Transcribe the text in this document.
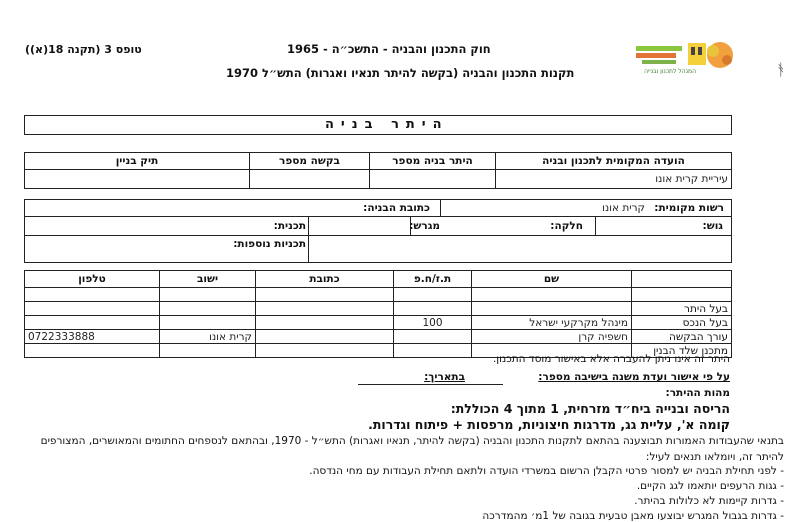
המנהל לתכנון ובנייה
חוק התכנון והבניה - התשכ״ה - 1965
תקנות התכנון והבניה (בקשה להיתר תנאיו ואגרות) התש״ל 1970
טופס 3 (תקנה 18(א))
ᚬ
היתר בניה
הועדה המקומית לתכנון ובניה	היתר בניה מספר	בקשה מספר	תיק בניין
עיריית קרית אונו			
רשות מקומית:
קרית אונו
כתובת הבניה:
גוש:
חלקה:
מגרש:
תכנית:
תכניות נוספות:
	שם	ת.ז/ח.פ	כתובת	ישוב	טלפון

בעל היתר					
בעל הנכס	מינהל מקרקעי ישראל	100			
עורך הבקשה	חשפיה קרן			קרית אונו	0722333888
מתכנן שלד הבנין					
היתר זה אינו ניתן להעברה אלא באישור מוסד התכנון.
על פי אישור ועדת משנה בישיבה מספר:
בתאריך:
מהות ההיתר:
הריסה ובנייה ביח״ד מזרחית, 1 מתוך 4 הכוללת:
קומה א', עליית גג, מדרגות חיצוניות, מרפסות + פיתוח וגדרות.
בתנאי שהעבודות האמורות תבוצענה בהתאם לתקנות התכנון והבניה (בקשה להיתר, תנאיו ואגרות) התש״ל - 1970, ובהתאם לנספחים החתומים והמאושרים, המצורפים להיתר זה, ויומלאו תנאים לעיל:
- לפני תחילת הבניה יש למסור פרטי הקבלן הרשום במשרדי הועדה ולתאם תחילת העבודות עם מחי הנדסה.
- גגות הרעפים יותאמו לגג הקיים.
- גדרות קיימות לא כלולות בהיתר.
- גדרות בגבול המגרש יבוצעו מאבן טבעית בגובה של 1מ׳ מהמדרכה
